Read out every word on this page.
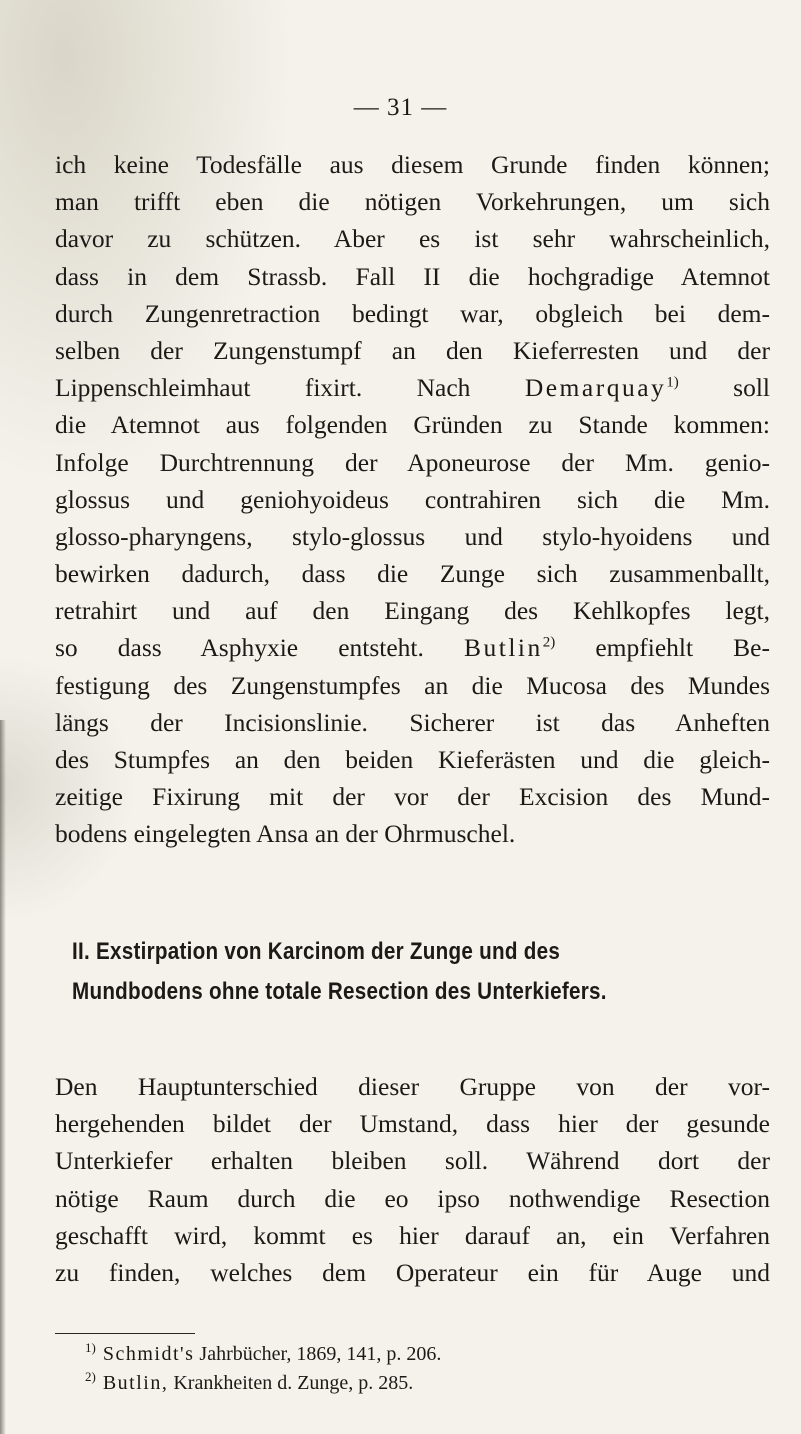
— 31 —
ich keine Todesfälle aus diesem Grunde finden können;
man trifft eben die nötigen Vorkehrungen, um sich
davor zu schützen. Aber es ist sehr wahrscheinlich,
dass in dem Strassb. Fall II die hochgradige Atemnot
durch Zungenretraction bedingt war, obgleich bei dem-
selben der Zungenstumpf an den Kieferresten und der
Lippenschleimhaut fixirt. Nach Demarquay$^{1)}$ soll
die Atemnot aus folgenden Gründen zu Stande kommen:
Infolge Durchtrennung der Aponeurose der Mm. genio-
glossus und geniohyoideus contrahiren sich die Mm.
glosso-pharyngens, stylo-glossus und stylo-hyoidens und
bewirken dadurch, dass die Zunge sich zusammenballt,
retrahirt und auf den Eingang des Kehlkopfes legt,
so dass Asphyxie entsteht. Butlin$^{2)}$ empfiehlt Be-
festigung des Zungenstumpfes an die Mucosa des Mundes
längs der Incisionslinie. Sicherer ist das Anheften
des Stumpfes an den beiden Kieferästen und die gleich-
zeitige Fixirung mit der vor der Excision des Mund-
bodens eingelegten Ansa an der Ohrmuschel.
II. Exstirpation von Karcinom der Zunge und des
Mundbodens ohne totale Resection des Unterkiefers.
Den Hauptunterschied dieser Gruppe von der vor-
hergehenden bildet der Umstand, dass hier der gesunde
Unterkiefer erhalten bleiben soll. Während dort der
nötige Raum durch die eo ipso nothwendige Resection
geschafft wird, kommt es hier darauf an, ein Verfahren
zu finden, welches dem Operateur ein für Auge und
$^{1)}$ Schmidt's Jahrbücher, 1869, 141, p. 206.
$^{2)}$ Butlin, Krankheiten d. Zunge, p. 285.
